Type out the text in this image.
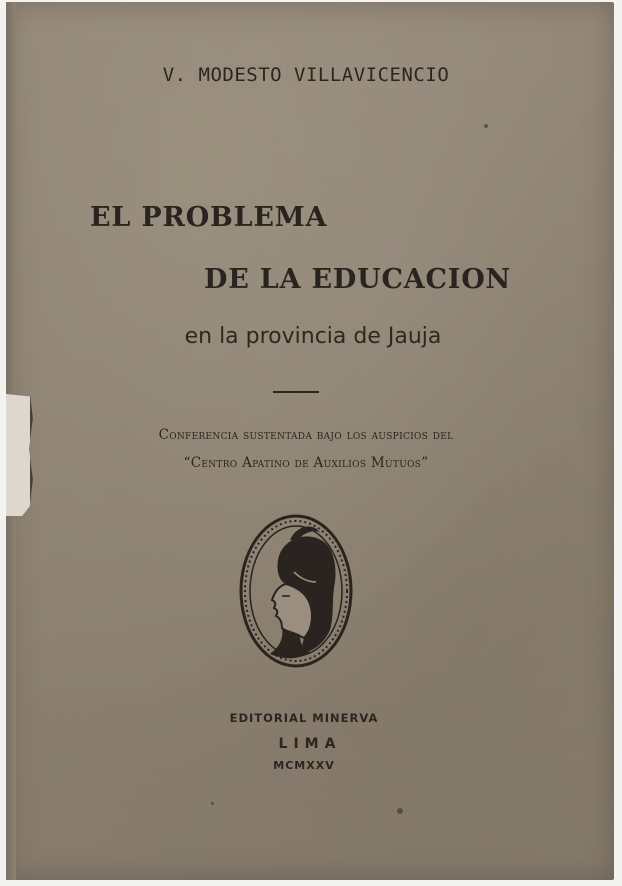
V. MODESTO VILLAVICENCIO
EL PROBLEMA
DE LA EDUCACION
en la provincia de Jauja
Conferencia sustentada bajo los auspicios del
“Centro Apatino de Auxilios Mútuos”
EDITORIAL MINERVA
LIMA
MCMXXV
